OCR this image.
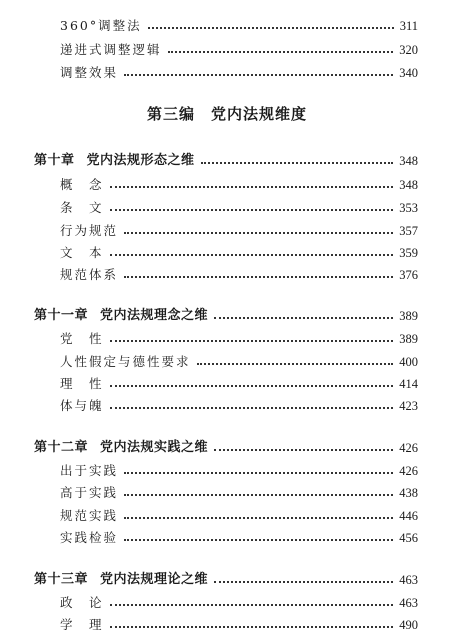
360°调整法	311
递进式调整逻辑	320
调整效果	340
第三编 党内法规维度
第十章 党内法规形态之维	348
概　念	348
条　文	353
行为规范	357
文　本	359
规范体系	376
第十一章 党内法规理念之维	389
党　性	389
人性假定与德性要求	400
理　性	414
体与魄	423
第十二章 党内法规实践之维	426
出于实践	426
高于实践	438
规范实践	446
实践检验	456
第十三章 党内法规理论之维	463
政　论	463
学　理	490
